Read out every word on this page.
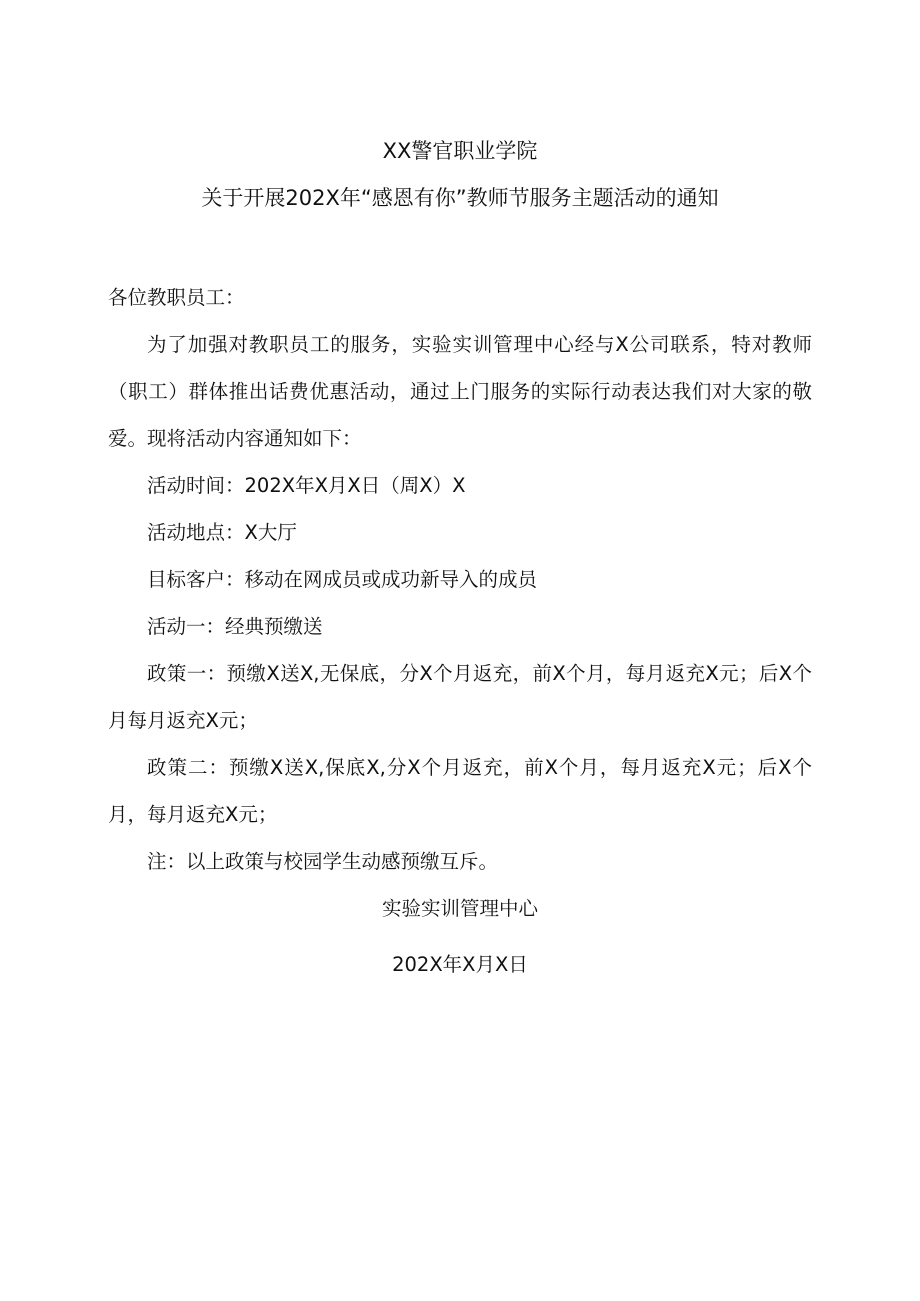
XX警官职业学院
关于开展202X年“感恩有你”教师节服务主题活动的通知
各位教职员工：
为了加强对教职员工的服务，实验实训管理中心经与X公司联系，特对教师（职工）群体推出话费优惠活动，通过上门服务的实际行动表达我们对大家的敬爱。现将活动内容通知如下：
活动时间：202X年X月X日（周X）X
活动地点：X大厅
目标客户：移动在网成员或成功新导入的成员
活动一：经典预缴送
政策一：预缴X送X,无保底，分X个月返充，前X个月，每月返充X元；后X个月每月返充X元；
政策二：预缴X送X,保底X,分X个月返充，前X个月，每月返充X元；后X个月，每月返充X元；
注：以上政策与校园学生动感预缴互斥。
实验实训管理中心
202X年X月X日
